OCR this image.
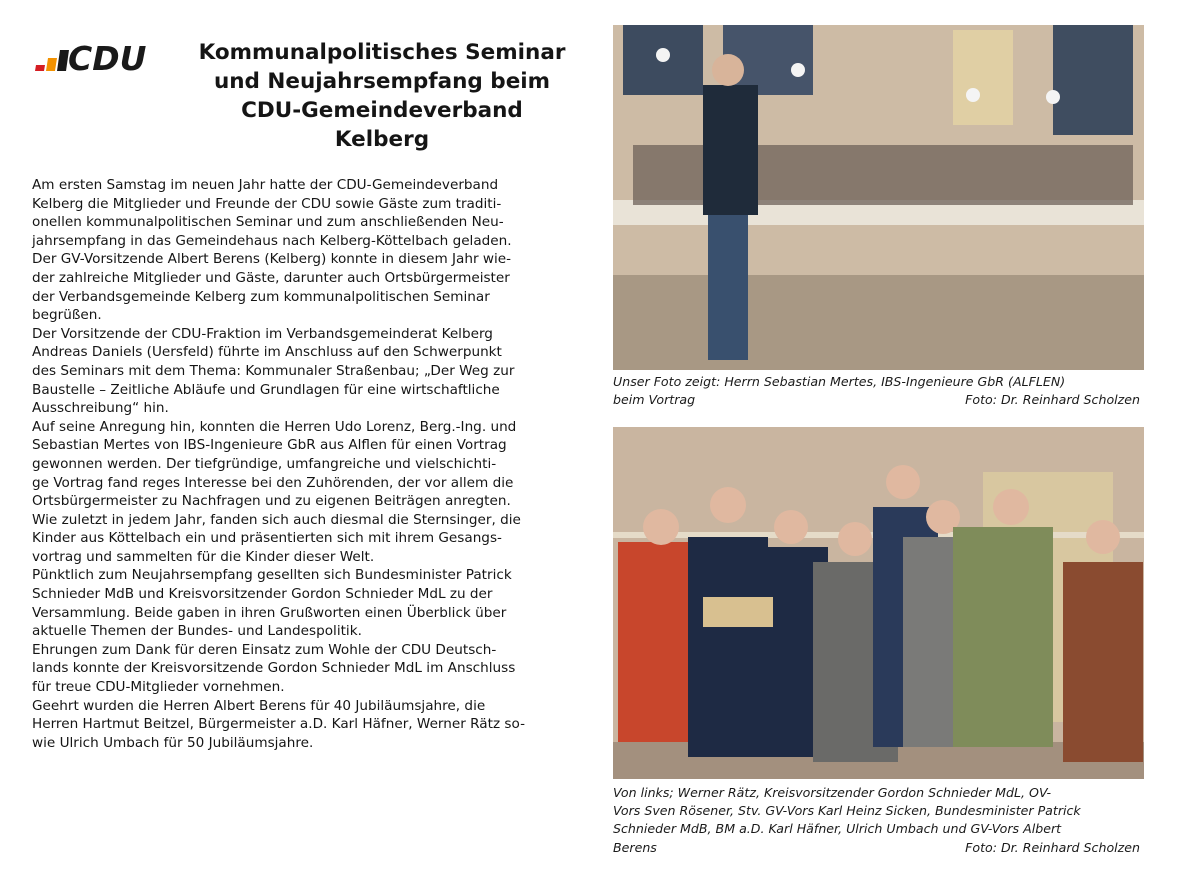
CDU	Kommunalpolitisches Seminar
und Neujahrsempfang beim
CDU-Gemeindeverband
Kelberg

Am ersten Samstag im neuen Jahr hatte der CDU-Gemeindeverband
Kelberg die Mitglieder und Freunde der CDU sowie Gäste zum traditi-
onellen kommunalpolitischen Seminar und zum anschließenden Neu-
jahrsempfang in das Gemeindehaus nach Kelberg-Köttelbach geladen.
Der GV-Vorsitzende Albert Berens (Kelberg) konnte in diesem Jahr wie-
der zahlreiche Mitglieder und Gäste, darunter auch Ortsbürgermeister
der Verbandsgemeinde Kelberg zum kommunalpolitischen Seminar
begrüßen.

Der Vorsitzende der CDU-Fraktion im Verbandsgemeinderat Kelberg
Andreas Daniels (Uersfeld) führte im Anschluss auf den Schwerpunkt
des Seminars mit dem Thema: Kommunaler Straßenbau; „Der Weg zur
Baustelle – Zeitliche Abläufe und Grundlagen für eine wirtschaftliche
Ausschreibung“ hin.

Auf seine Anregung hin, konnten die Herren Udo Lorenz, Berg.-Ing. und
Sebastian Mertes von IBS-Ingenieure GbR aus Alflen für einen Vortrag
gewonnen werden. Der tiefgründige, umfangreiche und vielschichti-
ge Vortrag fand reges Interesse bei den Zuhörenden, der vor allem die
Ortsbürgermeister zu Nachfragen und zu eigenen Beiträgen anregten.

Wie zuletzt in jedem Jahr, fanden sich auch diesmal die Sternsinger, die
Kinder aus Köttelbach ein und präsentierten sich mit ihrem Gesangs-
vortrag und sammelten für die Kinder dieser Welt.

Pünktlich zum Neujahrsempfang gesellten sich Bundesminister Patrick
Schnieder MdB und Kreisvorsitzender Gordon Schnieder MdL zu der
Versammlung. Beide gaben in ihren Grußworten einen Überblick über
aktuelle Themen der Bundes- und Landespolitik.

Ehrungen zum Dank für deren Einsatz zum Wohle der CDU Deutsch-
lands konnte der Kreisvorsitzende Gordon Schnieder MdL im Anschluss
für treue CDU-Mitglieder vornehmen.

Geehrt wurden die Herren Albert Berens für 40 Jubiläumsjahre, die
Herren Hartmut Beitzel, Bürgermeister a.D. Karl Häfner, Werner Rätz so-
wie Ulrich Umbach für 50 Jubiläumsjahre.

Unser Foto zeigt: Herrn Sebastian Mertes, IBS-Ingenieure GbR (ALFLEN)
beim Vortrag	Foto: Dr. Reinhard Scholzen
Von links; Werner Rätz, Kreisvorsitzender Gordon Schnieder MdL, OV-
Vors Sven Rösener, Stv. GV-Vors Karl Heinz Sicken, Bundesminister Patrick
Schnieder MdB, BM a.D. Karl Häfner, Ulrich Umbach und GV-Vors Albert
Berens	Foto: Dr. Reinhard Scholzen
